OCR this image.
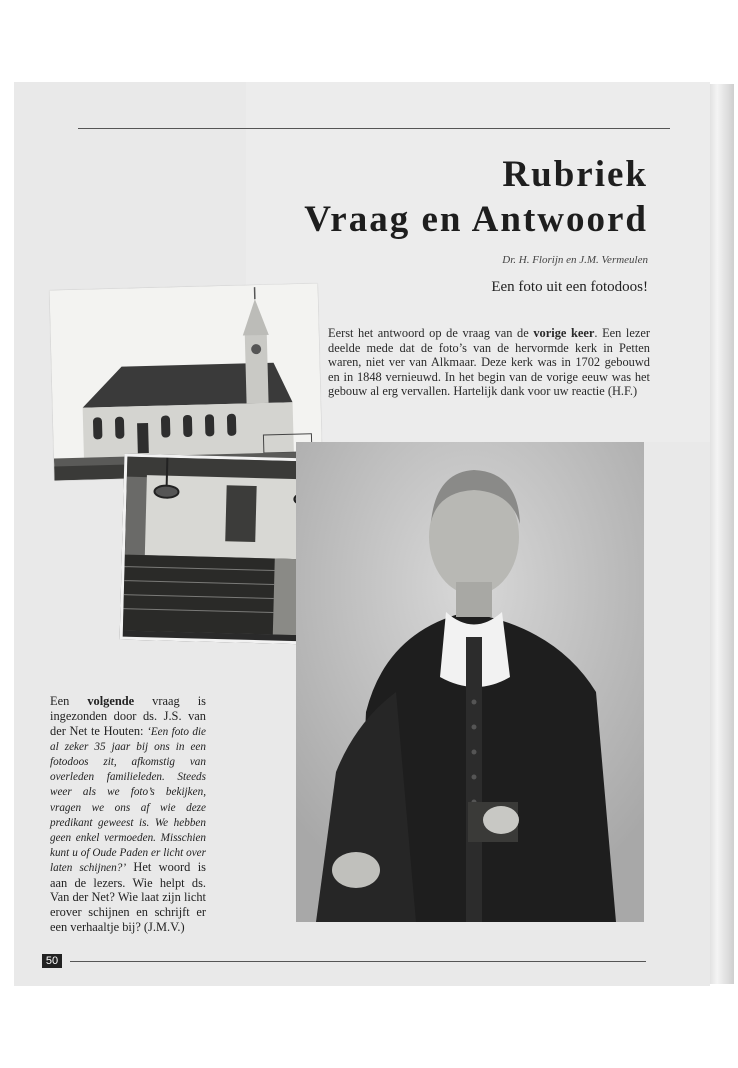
Rubriek
Vraag en Antwoord
Dr. H. Florijn en J.M. Vermeulen
Een foto uit een fotodoos!

Eerst het antwoord op de vraag van de vorige keer. Een lezer deelde mede dat de foto’s van de hervormde kerk in Petten waren, niet ver van Alkmaar. Deze kerk was in 1702 gebouwd en in 1848 vernieuwd. In het begin van de vorige eeuw was het gebouw al erg vervallen. Hartelijk dank voor uw reactie (H.F.)

Een volgende vraag is ingezonden door ds. J.S. van der Net te Houten: ‘Een foto die al zeker 35 jaar bij ons in een fotodoos zit, afkomstig van overleden familieleden. Steeds weer als we foto’s bekijken, vragen we ons af wie deze predikant geweest is. We hebben geen enkel vermoeden. Misschien kunt u of Oude Paden er licht over laten schijnen?’ Het woord is aan de lezers. Wie helpt ds. Van der Net? Wie laat zijn licht erover schijnen en schrijft er een verhaaltje bij? (J.M.V.)

50
